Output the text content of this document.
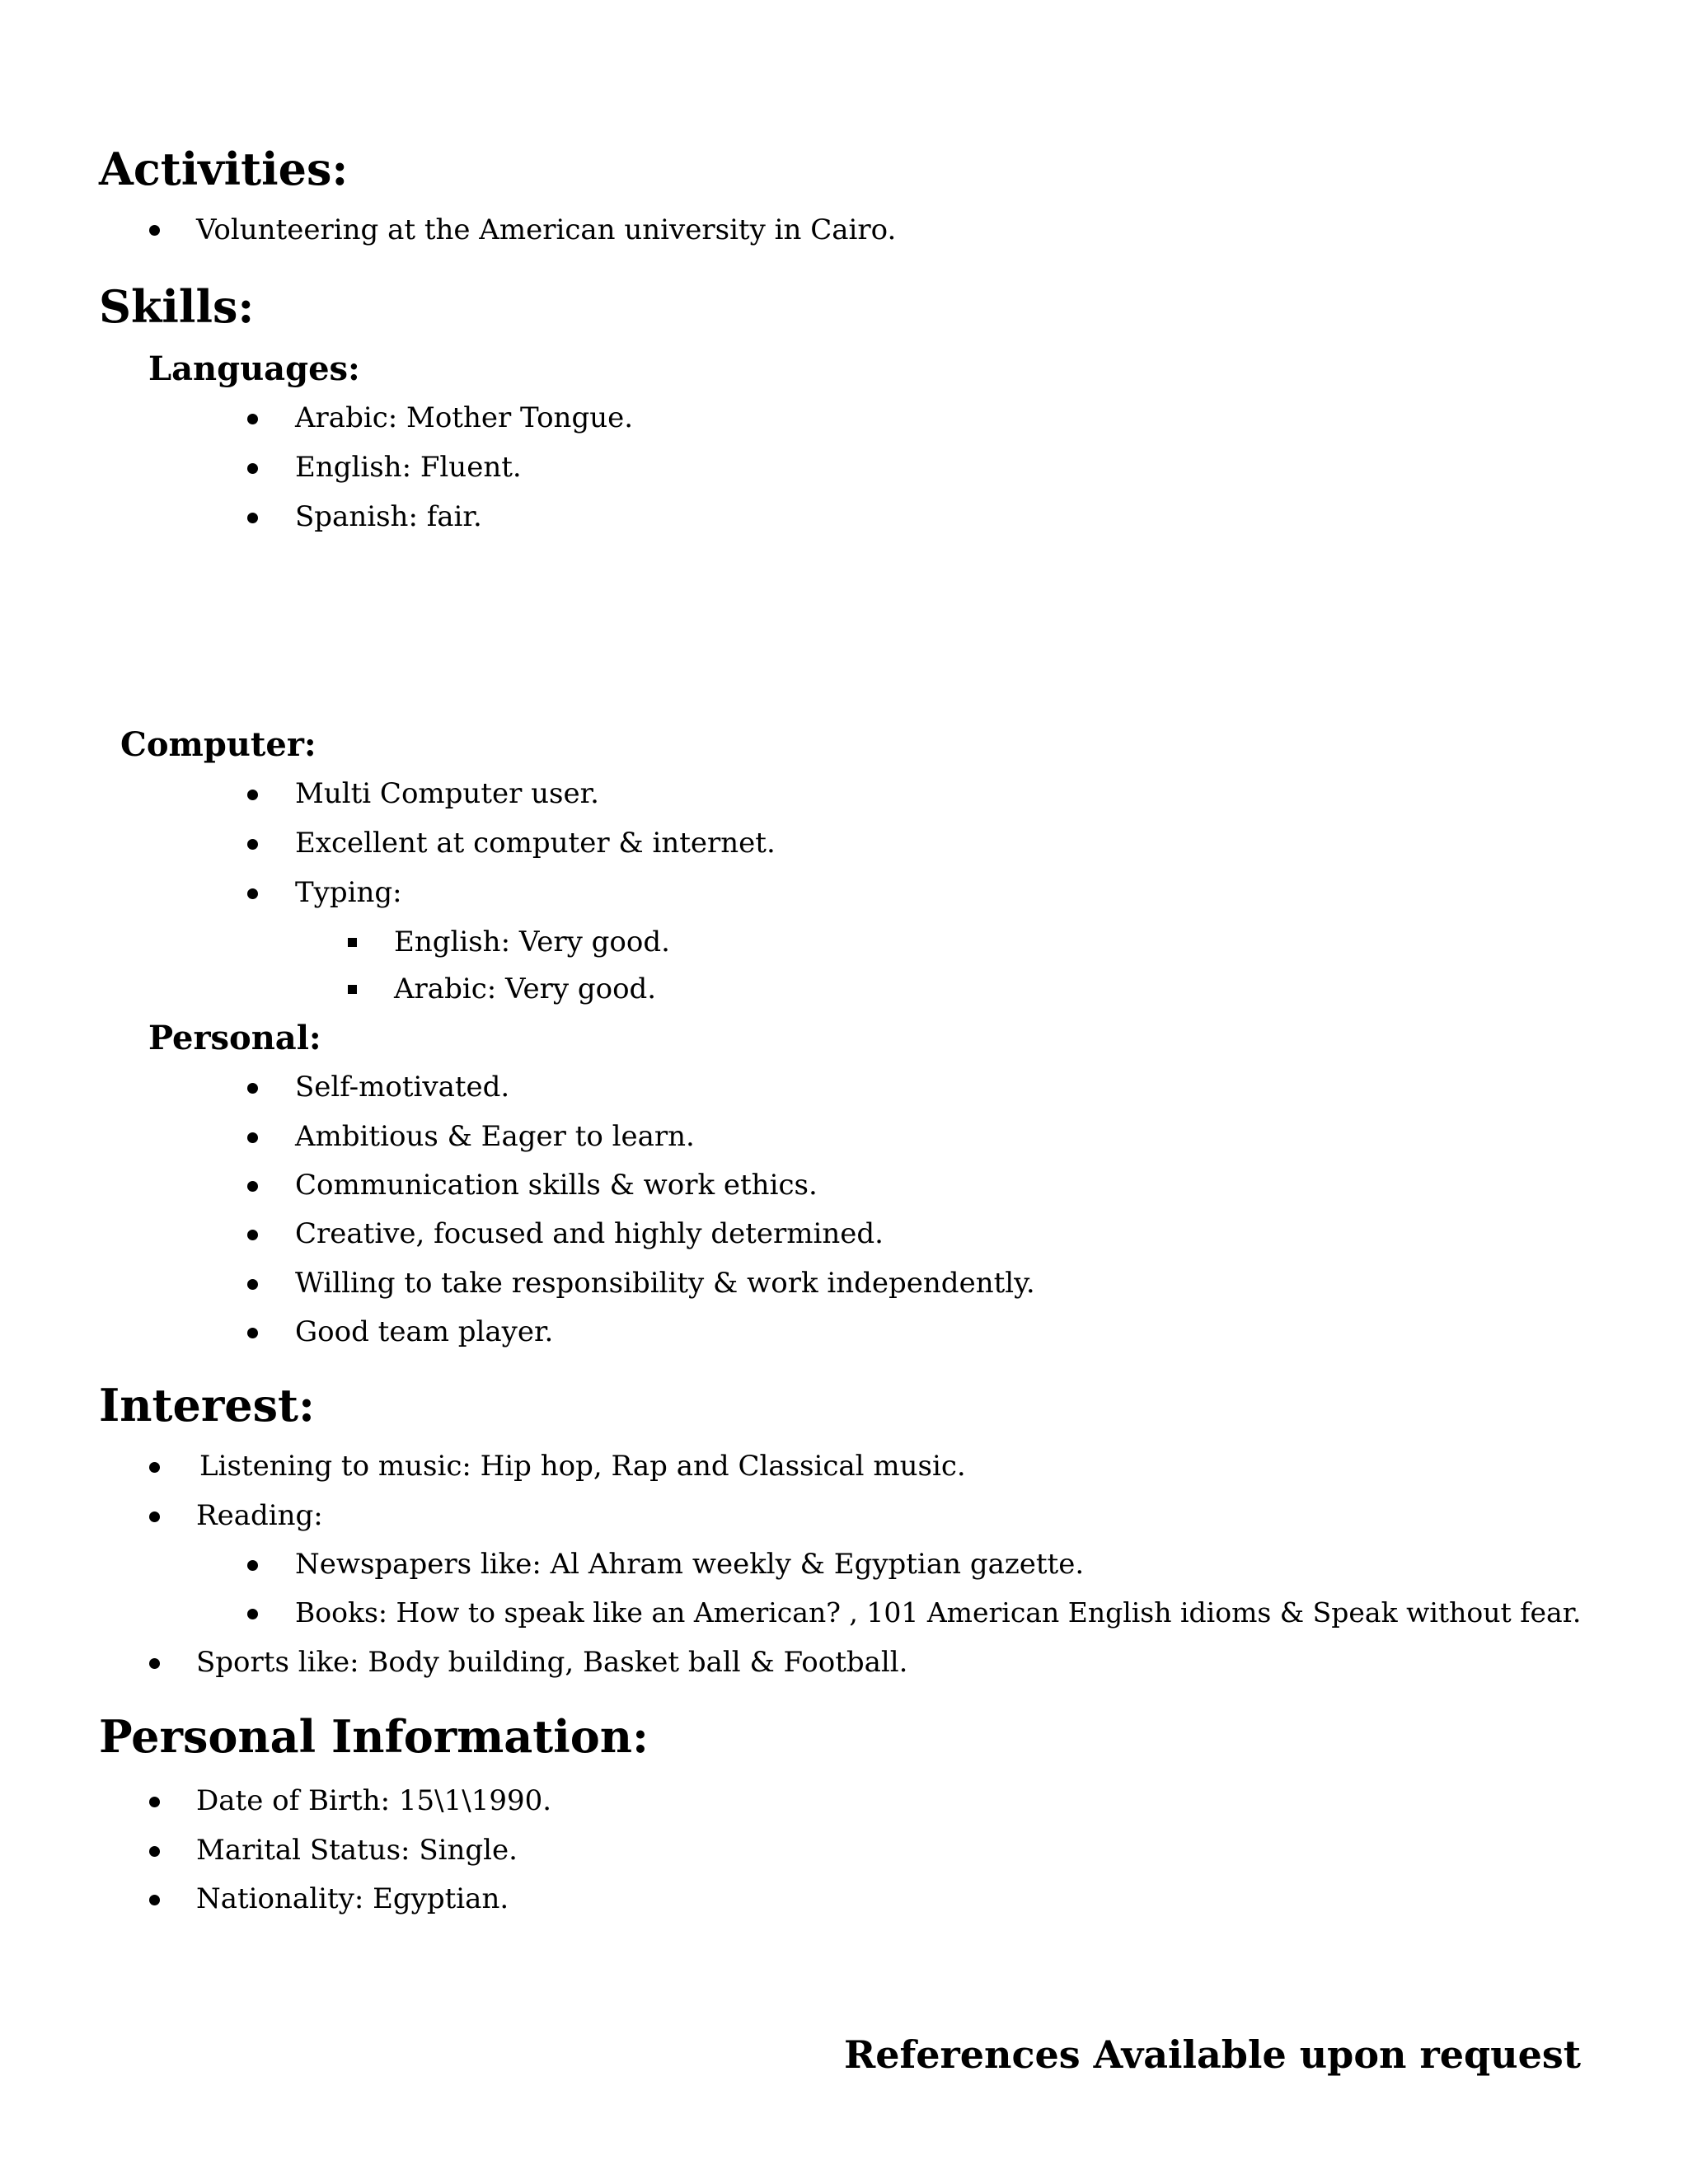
Activities:
Volunteering at the American university in Cairo.
Skills:
Languages:
Arabic: Mother Tongue.
English: Fluent.
Spanish: fair.
Computer:
Multi Computer user.
Excellent at computer & internet.
Typing:
English: Very good.
Arabic: Very good.
Personal:
Self-motivated.
Ambitious & Eager to learn.
Communication skills & work ethics.
Creative, focused and highly determined.
Willing to take responsibility & work independently.
Good team player.
Interest:
Listening to music: Hip hop, Rap and Classical music.
Reading:
Newspapers like: Al Ahram weekly & Egyptian gazette.
Books: How to speak like an American? , 101 American English idioms & Speak without fear.
Sports like: Body building, Basket ball & Football.
Personal Information:
Date of Birth: 15\1\1990.
Marital Status: Single.
Nationality: Egyptian.
References Available upon request
